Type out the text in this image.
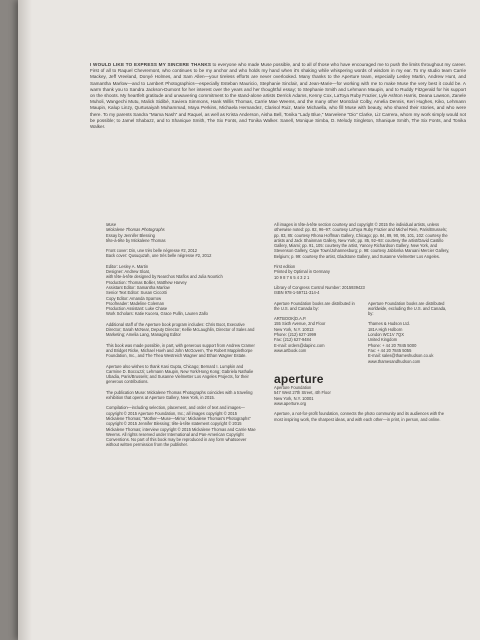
I WOULD LIKE TO EXPRESS MY SINCERE THANKS to everyone who made Muse possible, and to all of those who have encouraged me to push the limits throughout my career. First of all to Raquel Chevremont, who continues to be my anchor and who holds my hand when it's shaking while whispering words of wisdom in my ear. To my studio team Carrie Mackey, Jeff Vreeland, Donyé Holmes, and Sam Allen—your tireless efforts are never overlooked. Many thanks to the Aperture team, especially Lesley Martin, Andrew Hunt, and Samantha Marlow—and to Lambert Photographics—especially Esteban Mauricio, Stephanie Sinclair, and Jean-Marie—for working with me to make Muse the very best it could be. A warm thank you to Sandra Jackson-Dumont for her interest over the years and her thoughtful essay; to Stephanie Smith and Lehmann Maupin, and to Ruddy Fitzgerald for his support on the shoots. My heartfelt gratitude and unwavering commitment to the stand-alone artists Derrick Adams, Kenny Cox, LaToya Ruby Frazier, Lyle Ashton Harris, Deana Lawson, Zanele Muholi, Wangechi Mutu, Malick Sidibé, Xaviera Simmons, Hank Willis Thomas, Carrie Mae Weems, and the many other Montclair Colby, Amelia Dennis, Keri Hughes, Kiko, Lehmann Maupin, Kalup Linzy, Qurtusaiyah Muhammad, Maya Perkins, Michaela Hernandez, Clarisol Ruiz, Marie Michaella, who fill Muse with beauty, who shared their stories, and who were there. To my parents Sandra "Mama Nash" and Raquel, as well as Krista Anderson, Aisha Bell, Tonika "Lady Blue," Marvelene "Dio" Clarke, Liz Carrera, whom my work simply would not be possible; to Jamel Shabazz, and to Shanique Smith, The Six Fonts, and Tonika Walker. Sanell, Monique Simba, D. Melody Singleton, Shanique Smith, The Six Fonts, and Tonika Walker.

Muse
Mickalene Thomas Photographs
Essay by Jennifer Blessing
tête-à-tête by Mickalene Thomas

Front cover: Din, une très belle négresse #2, 2012
Back cover: Qusuquzah, une très belle négresse #2, 2012

Editor: Lesley A. Martin
Designer: Andrew Sloat,
with tête-à-tête designed by Nearchos Ntaflos and Julia Noortich
Production: Thomas Bollier, Matthew Harvey
Assistant Editor: Samantha Marlow
Senior Text Editor: Susan Ciccotti
Copy Editor: Amanda Sparrow
Proofreader: Madeline Coleman
Production Assistant: Luke Chase
Work Scholars: Katie Kucera, Grace Pullin, Lauren Zallo

Additional staff of the Aperture book program includes: Chris Boot, Executive Director; Sarah McNear, Deputy Director; Kellie McLaughlin, Director of Sales and Marketing; Amelia Lang, Managing Editor

This book was made possible, in part, with generous support from Andrew Cramer and Bridget Ricke, Michael Hoeh and John McGovern, The Robert Mapplethorpe Foundation, Inc., and The Thea Westreich Wagner and Ethan Wagner Estate.

Aperture also wishes to thank Kasi Gupta, Chicago; Bernard I. Lumpkin and Carmine D. Boccuzzi; Lehmann Maupin, New York/Hong Kong; Gabriela Nathalie Ubadia, Paris/Brussels; and Susanne Vielmetter Los Angeles Projects, for their generous contributions.

The publication Muse: Mickalene Thomas Photographs coincides with a traveling exhibition that opens at Aperture Gallery, New York, in 2015.

Compilation—including selection, placement, and order of text and images—copyright © 2015 Aperture Foundation, Inc.; all images copyright © 2015 Mickalene Thomas; "Mother—Muse—Mirror: Mickalene Thomas's Photographs" copyright © 2015 Jennifer Blessing; tête-à-tête statement copyright © 2015 Mickalene Thomas; interview copyright © 2015 Mickalene Thomas and Carrie Mae Weems. All rights reserved under International and Pan-American Copyright Conventions. No part of this book may be reproduced in any form whatsoever without written permission from the publisher.

All images in tête-à-tête section courtesy and copyright © 2015 the individual artists, unless otherwise noted: pp. 82, 96–97: courtesy LaToya Ruby Frazier and Michel Rein, Paris/Brussels; pp. 83, 85: courtesy Rhona Hoffman Gallery, Chicago; pp. 84, 89, 90, 95, 101, 102: courtesy the artists and Jack Shainman Gallery, New York; pp. 85, 92–93: courtesy the artist/David Castillo Gallery, Miami; pp. 91, 105: courtesy the artist, Yancey Richardson Gallery, New York, and Stevenson Gallery, Cape Town/Johannesburg; p. 98: courtesy Jablonka Maruani Mercier Gallery, Belgium; p. 99: courtesy the artist, Gladstone Gallery, and Susanne Vielmetter Los Angeles.

First edition
Printed by Optimal in Germany
10 9 8 7 6 5 4 3 2 1

Library of Congress Control Number: 2015939423
ISBN 978-1-59711-314-4

Aperture Foundation books are distributed in the U.S. and Canada by:

ARTBOOK|D.A.P.
155 Sixth Avenue, 2nd Floor
New York, N.Y. 10013
Phone: (212) 627-1999
Fax: (212) 627-9484
E-mail: orders@dapinc.com
www.artbook.com

Aperture Foundation books are distributed worldwide, excluding the U.S. and Canada, by:

Thames & Hudson Ltd.
181A High Holborn
London WC1V 7QX
United Kingdom
Phone: + 44 20 7845 5000
Fax: + 44 20 7845 5055
E-mail: sales@thameshudson.co.uk
www.thamesandhudson.com

aperture

Aperture Foundation
547 West 27th Street, 4th Floor
New York, N.Y. 10001
www.aperture.org

Aperture, a not-for-profit foundation, connects the photo community and its audiences with the most inspiring work, the sharpest ideas, and with each other—in print, in person, and online.
